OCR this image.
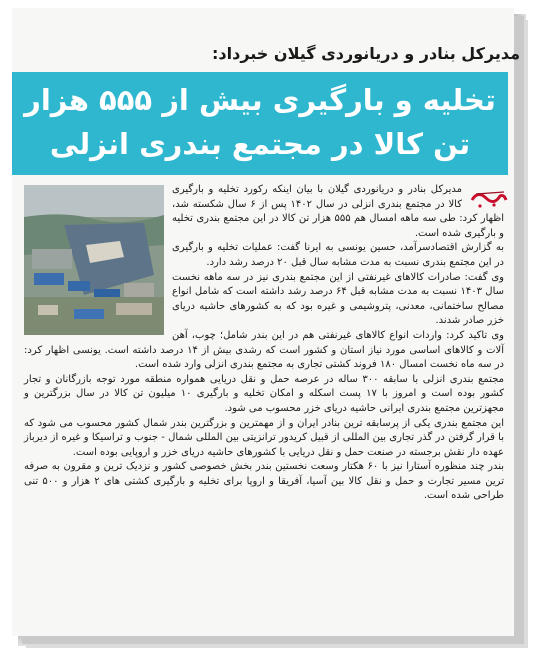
مدیرکل بنادر و دریانوردی گیلان خبرداد:
تخلیه و بارگیری بیش از ۵۵۵ هزار
تن کالا در مجتمع بندری انزلی

مدیرکل بنادر و دریانوردی گیلان با بیان اینکه رکورد تخلیه و بارگیری کالا در مجتمع بندری انزلی در سال ۱۴۰۲ پس از ۶ سال شکسته شد، اظهار کرد: طی سه ماهه امسال هم ۵۵۵ هزار تن کالا در این مجتمع بندری تخلیه و بارگیری شده است.

به گزارش اقتصادسرآمد، حسین یونسی به ایرنا گفت: عملیات تخلیه و بارگیری در این مجتمع بندری نسبت به مدت مشابه سال قبل ۲۰ درصد رشد دارد.

وی گفت: صادرات کالاهای غیرنفتی از این مجتمع بندری نیز در سه ماهه نخست سال ۱۴۰۳ نسبت به مدت مشابه قبل ۶۴ درصد رشد داشته است که شامل انواع مصالح ساختمانی، معدنی، پتروشیمی و غیره بود که به کشورهای حاشیه دریای خزر صادر شدند.

وی تاکید کرد: واردات انواع کالاهای غیرنفتی هم در این بندر شامل؛ چوب، آهن آلات و کالاهای اساسی مورد نیاز استان و کشور است که رشدی بیش از ۱۴ درصد داشته است. یونسی اظهار کرد: در سه ماه نخست امسال ۱۸۰ فروند کشتی تجاری به مجتمع بندری انزلی وارد شده است.

مجتمع بندری انزلی با سابقه ۳۰۰ ساله در عرصه حمل و نقل دریایی همواره منطقه مورد توجه بازرگانان و تجار کشور بوده است و امروز با ۱۷ پست اسکله و امکان تخلیه و بارگیری ۱۰ میلیون تن کالا در سال بزرگترین و مجهزترین مجتمع بندری ایرانی حاشیه دریای خزر محسوب می شود.

این مجتمع بندری یکی از پرسابقه ترین بنادر ایران و از مهمترین و بزرگترین بندر شمال کشور محسوب می شود که با قرار گرفتن در گذر تجاری بین المللی از قبیل کریدور ترانزیتی بین المللی شمال - جنوب و تراسیکا و غیره از دیرباز عهده دار نقش برجسته در صنعت حمل و نقل دریایی با کشورهای حاشیه دریای خزر و اروپایی بوده است.

بندر چند منظوره آستارا نیز با ۶۰ هکتار وسعت نخستین بندر بخش خصوصی کشور و نزدیک ترین و مقرون به صرفه ترین مسیر تجارت و حمل و نقل کالا بین آسیا، آفریقا و اروپا برای تخلیه و بارگیری کشتی های ۲ هزار و ۵۰۰ تنی طراحی شده است.
